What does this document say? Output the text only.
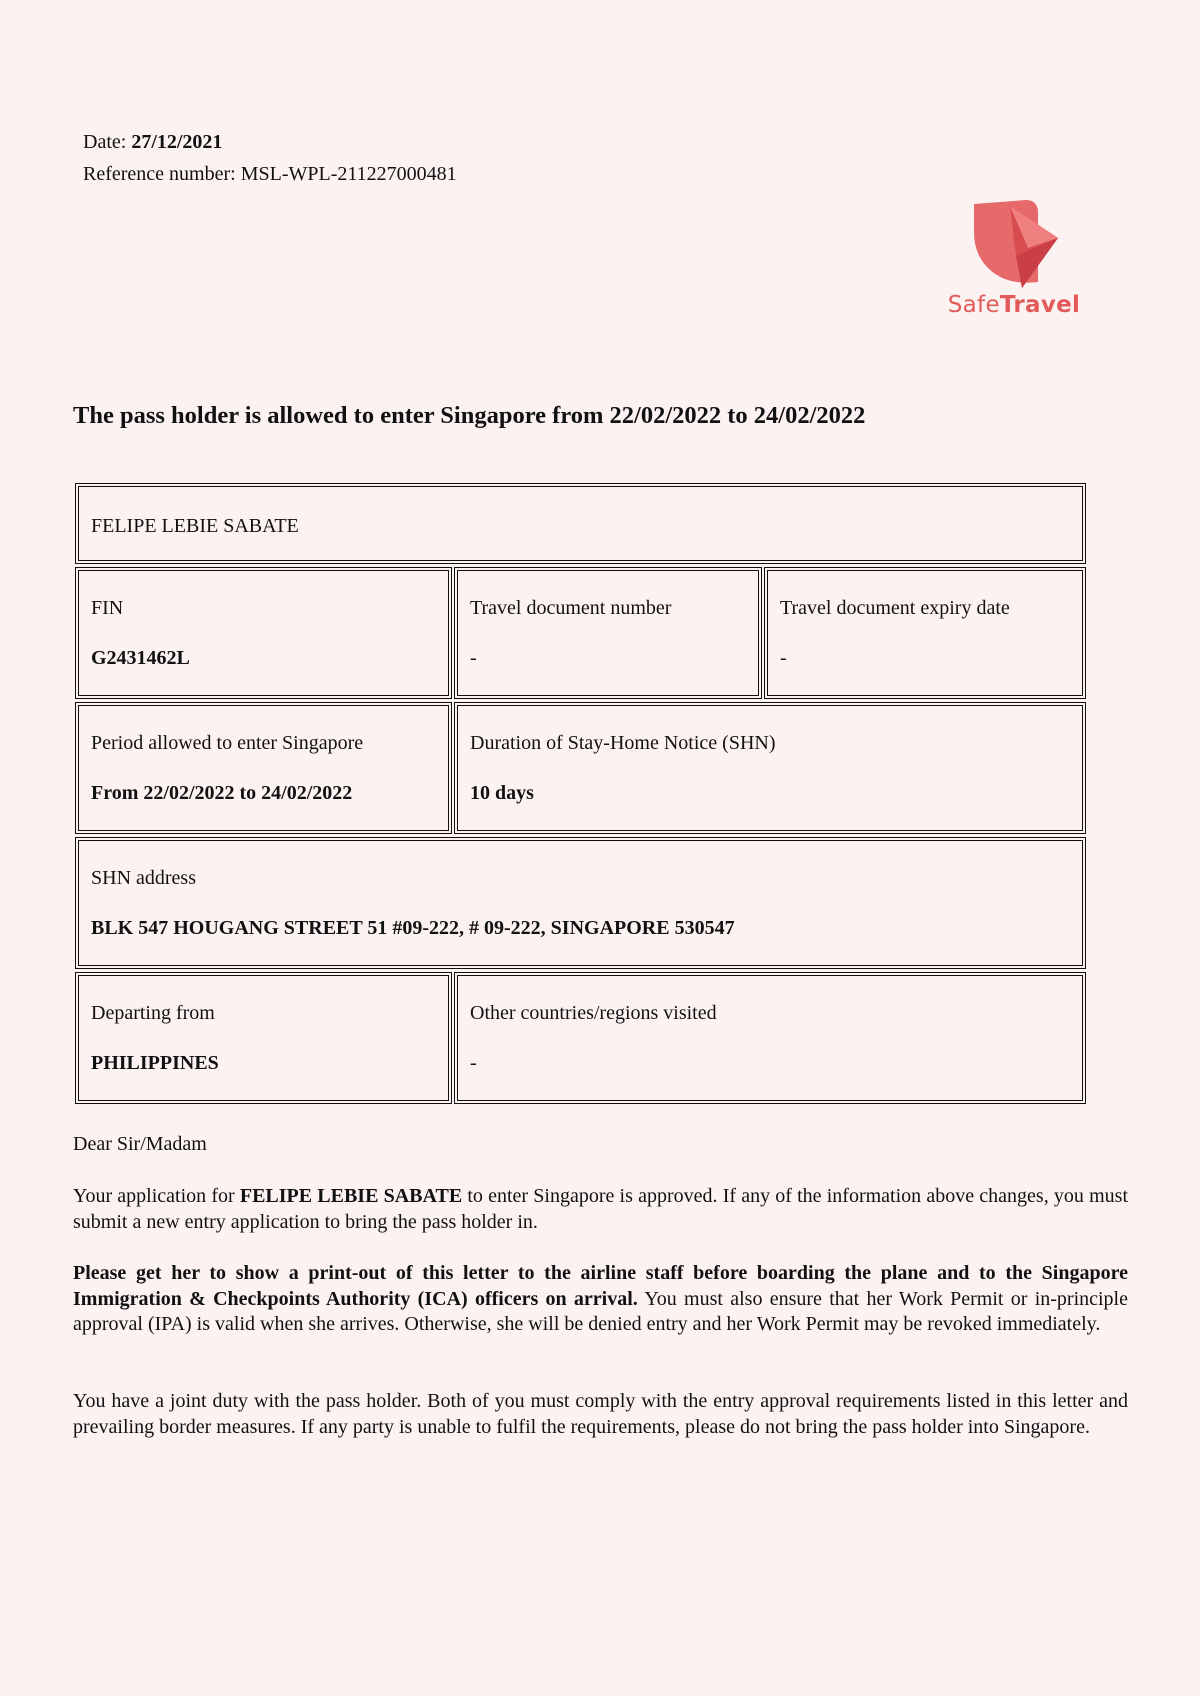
Date: 27/12/2021
Reference number: MSL-WPL-211227000481
SafeTravel
The pass holder is allowed to enter Singapore from 22/02/2022 to 24/02/2022
FELIPE LEBIE SABATE
FIN
G2431462L
Travel document number
-
Travel document expiry date
-
Period allowed to enter Singapore
From 22/02/2022 to 24/02/2022
Duration of Stay-Home Notice (SHN)
10 days
SHN address
BLK 547 HOUGANG STREET 51 #09-222, # 09-222, SINGAPORE 530547
Departing from
PHILIPPINES
Other countries/regions visited
-
Dear Sir/Madam
Your application for FELIPE LEBIE SABATE to enter Singapore is approved. If any of the information above changes, you must submit a new entry application to bring the pass holder in.
Please get her to show a print-out of this letter to the airline staff before boarding the plane and to the Singapore Immigration & Checkpoints Authority (ICA) officers on arrival. You must also ensure that her Work Permit or in-principle approval (IPA) is valid when she arrives. Otherwise, she will be denied entry and her Work Permit may be revoked immediately.
You have a joint duty with the pass holder. Both of you must comply with the entry approval requirements listed in this letter and prevailing border measures. If any party is unable to fulfil the requirements, please do not bring the pass holder into Singapore.
